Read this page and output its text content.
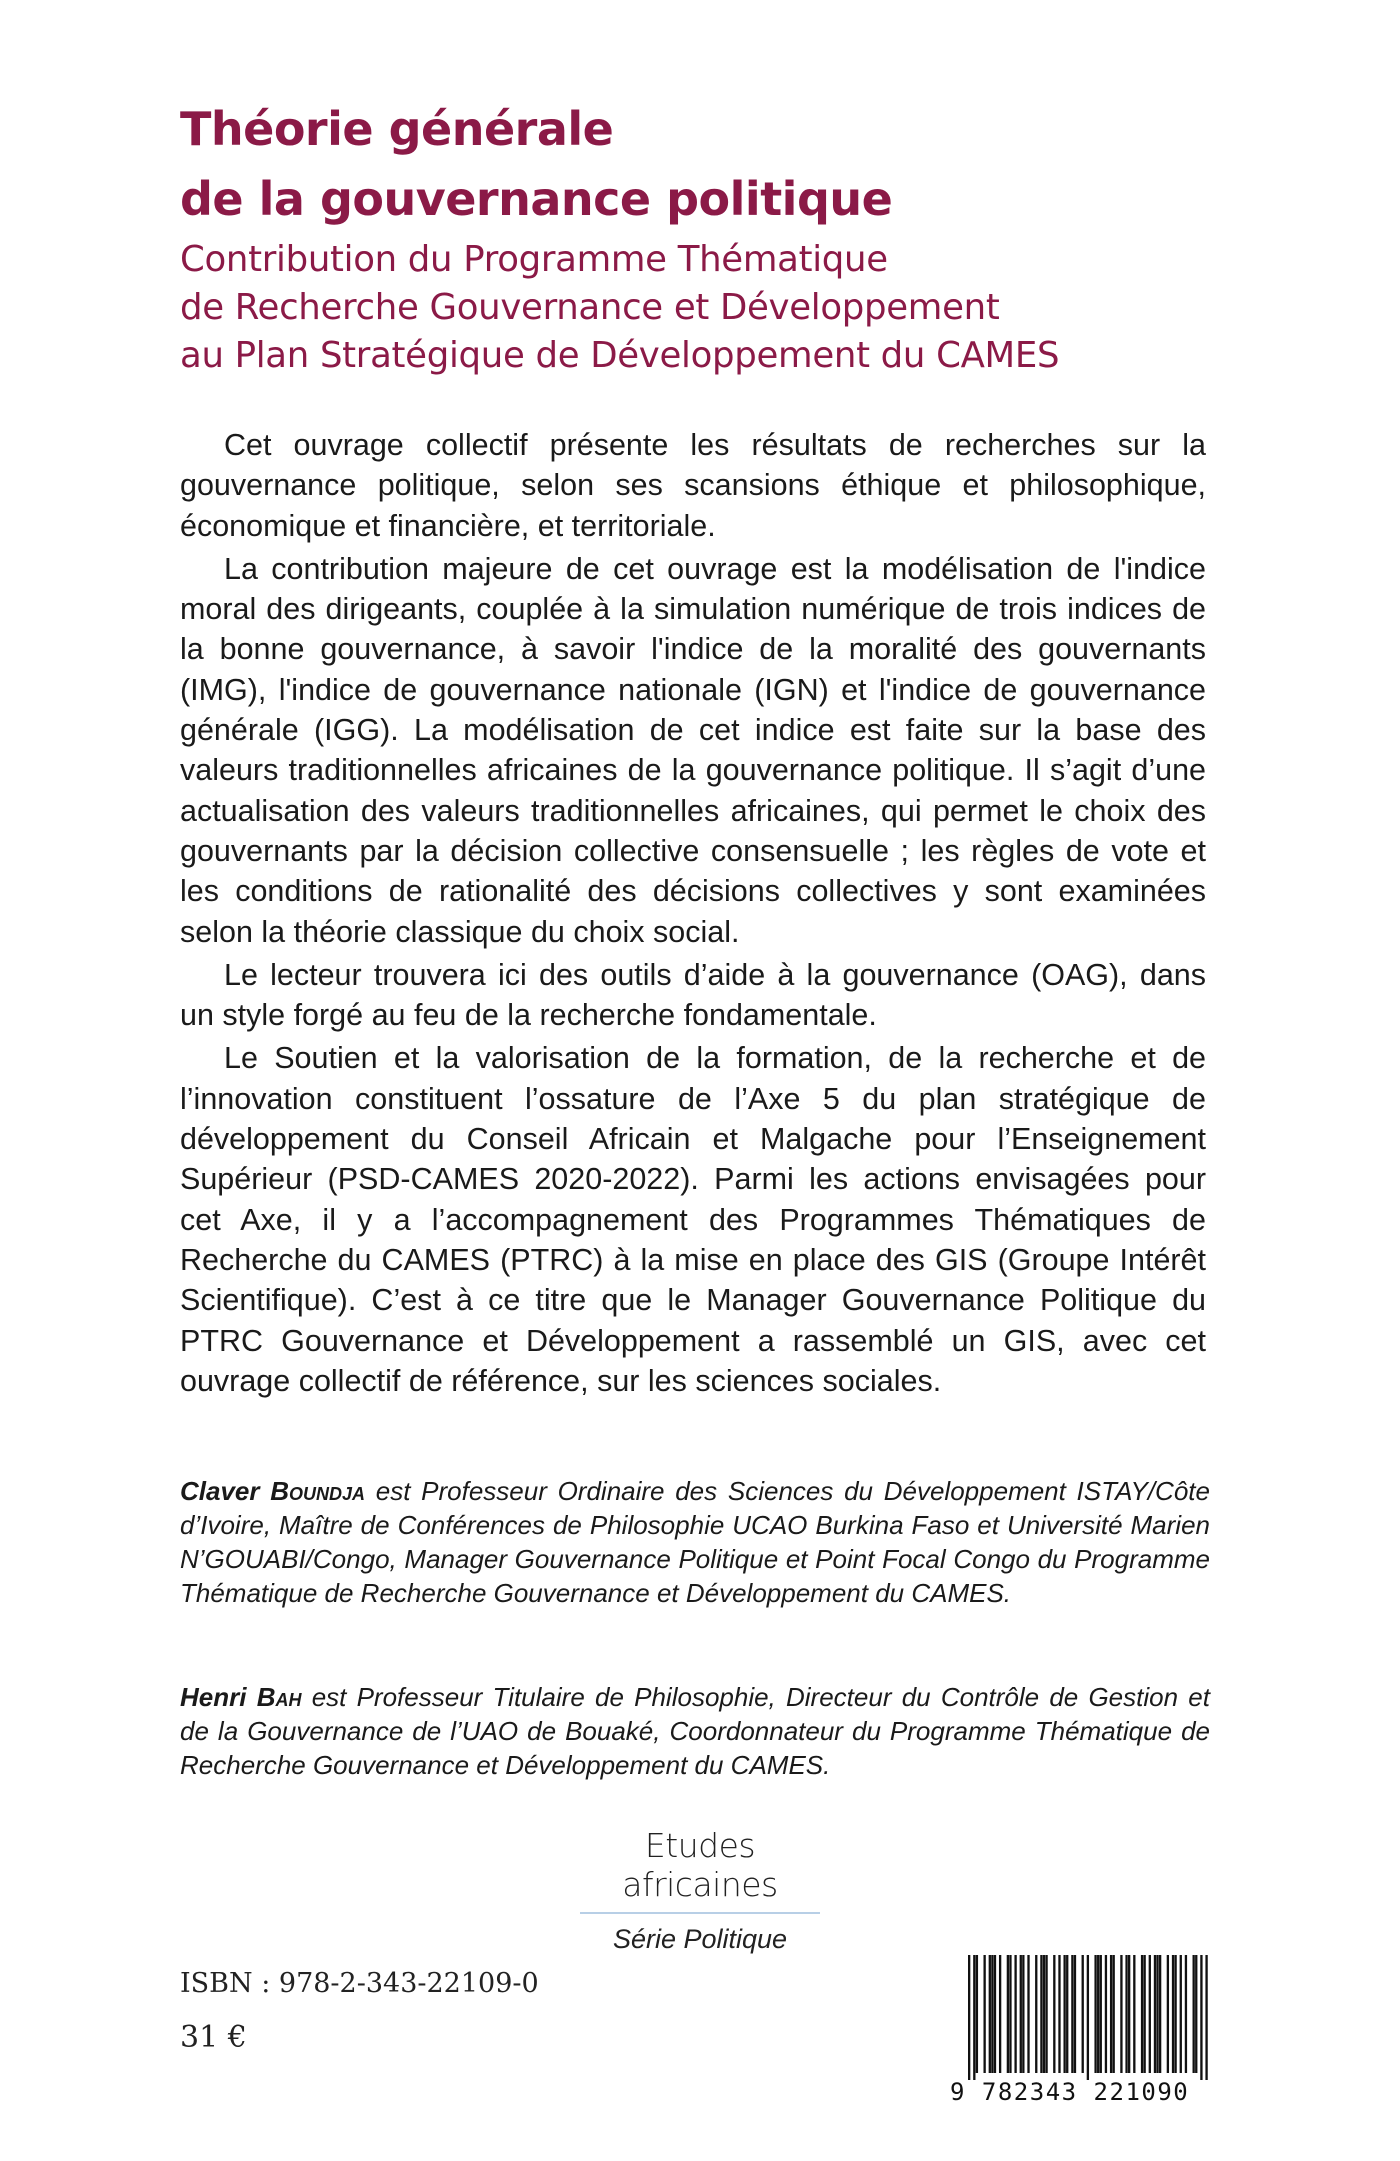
Théorie générale
de la gouvernance politique
Contribution du Programme Thématique
de Recherche Gouvernance et Développement
au Plan Stratégique de Développement du CAMES

Cet ouvrage collectif présente les résultats de recherches sur la gouvernance politique, selon ses scansions éthique et philosophique, économique et financière, et territoriale.

La contribution majeure de cet ouvrage est la modélisation de l'indice moral des dirigeants, couplée à la simulation numérique de trois indices de la bonne gouvernance, à savoir l'indice de la moralité des gouvernants (IMG), l'indice de gouvernance nationale (IGN) et l'indice de gouvernance générale (IGG). La modélisation de cet indice est faite sur la base des valeurs traditionnelles africaines de la gouvernance politique. Il s’agit d’une actualisation des valeurs traditionnelles africaines, qui permet le choix des gouvernants par la décision collective consensuelle ; les règles de vote et les conditions de rationalité des décisions collectives y sont examinées selon la théorie classique du choix social.

Le lecteur trouvera ici des outils d’aide à la gouvernance (OAG), dans un style forgé au feu de la recherche fondamentale.

Le Soutien et la valorisation de la formation, de la recherche et de l’innovation constituent l’ossature de l’Axe 5 du plan stratégique de développement du Conseil Africain et Malgache pour l’Enseignement Supérieur (PSD-CAMES 2020-2022). Parmi les actions envisagées pour cet Axe, il y a l’accompagnement des Programmes Thématiques de Recherche du CAMES (PTRC) à la mise en place des GIS (Groupe Intérêt Scientifique). C’est à ce titre que le Manager Gouvernance Politique du PTRC Gouvernance et Développement a rassemblé un GIS, avec cet ouvrage collectif de référence, sur les sciences sociales.

Claver Boundja est Professeur Ordinaire des Sciences du Développement ISTAY/Côte d’Ivoire, Maître de Conférences de Philosophie UCAO Burkina Faso et Université Marien N’GOUABI/Congo, Manager Gouvernance Politique et Point Focal Congo du Programme Thématique de Recherche Gouvernance et Développement du CAMES.
Henri Bah est Professeur Titulaire de Philosophie, Directeur du Contrôle de Gestion et de la Gouvernance de l’UAO de Bouaké, Coordonnateur du Programme Thématique de Recherche Gouvernance et Développement du CAMES.
Etudes africaines
Série Politique
ISBN : 978-2-343-22109-0
31 €
9 782343 221090
